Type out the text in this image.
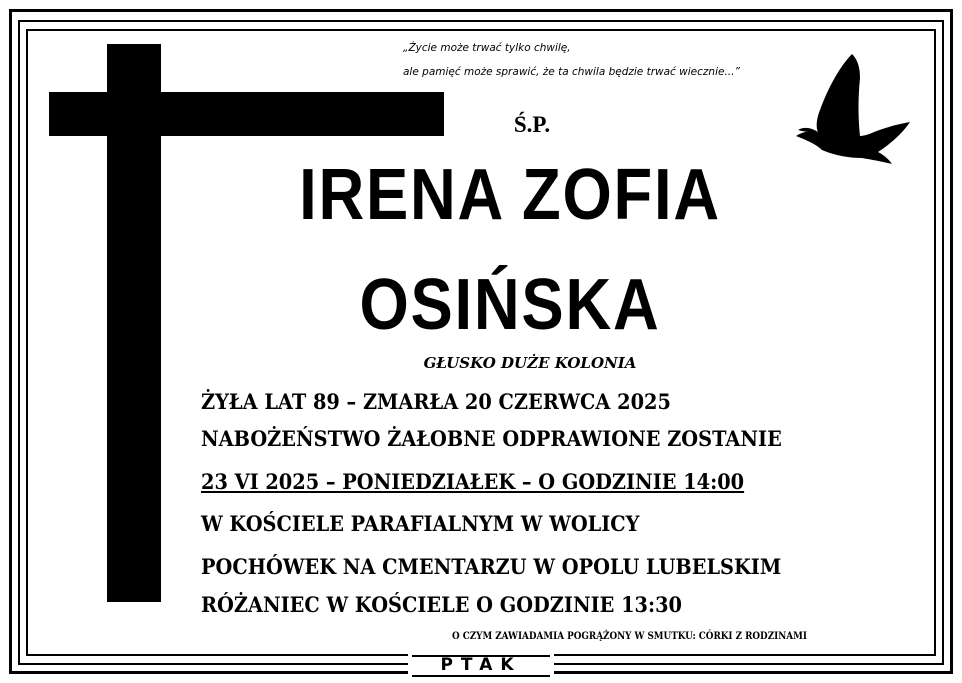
„Życie może trwać tylko chwilę,
ale pamięć może sprawić, że ta chwila będzie trwać wiecznie...”
Ś.P.
IRENA ZOFIA
OSIŃSKA
GŁUSKO DUŻE KOLONIA
ŻYŁA LAT 89 – ZMARŁA 20 CZERWCA 2025
NABOŻEŃSTWO ŻAŁOBNE ODPRAWIONE ZOSTANIE
23 VI 2025 – PONIEDZIAŁEK – O GODZINIE 14:00
W KOŚCIELE PARAFIALNYM W WOLICY
POCHÓWEK NA CMENTARZU W OPOLU LUBELSKIM
RÓŻANIEC W KOŚCIELE O GODZINIE 13:30
O CZYM ZAWIADAMIA POGRĄŻONY W SMUTKU: CÓRKI Z RODZINAMI
PTAK
